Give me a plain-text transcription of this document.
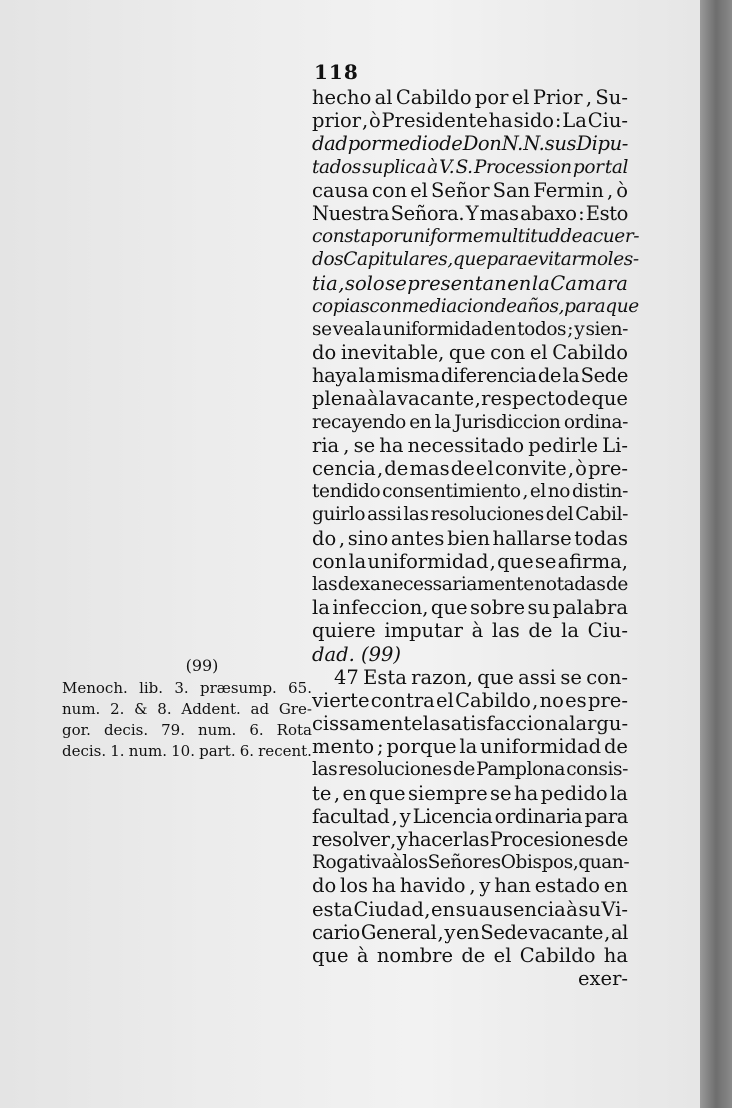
118
hecho al Cabildo por el Prior , Su-
prior , ò Presidente ha sido : La Ciu-
dad por medio de Don N. N. sus Dipu-
tados suplica à V. S. Procession por tal
causa con el Señor San Fermin , ò
Nuestra Señora. Y mas abaxo : Esto
consta por uniforme multitud de acuer-
dos Capitulares , que para evitar moles-
tia , solo se presentan en la Camara
copias con mediacion de años , para que
se vea la uniformidad en todos ; y sien-
do inevitable, que con el Cabildo
haya la misma diferencia de la Sede
plena à la vacante , respecto de que
recayendo en la Jurisdiccion ordina-
ria , se ha necessitado pedirle Li-
cencia , de mas de el convite , ò pre-
tendido consentimiento , el no distin-
guirlo assi las resoluciones del Cabil-
do , sino antes bien hallarse todas
con la uniformidad , que se afirma,
las dexa necessariamente notadas de
la infeccion, que sobre su palabra
quiere imputar à las de la Ciu-
dad. (99)
47 Esta razon, que assi se con-
vierte contra el Cabildo , no es pre-
cissamente la satisfaccion al argu-
mento ; porque la uniformidad de
las resoluciones de Pamplona consis-
te , en que siempre se ha pedido la
facultad , y Licencia ordinaria para
resolver , y hacer las Procesiones de
Rogativa à los Señores Obispos, quan-
do los ha havido , y han estado en
esta Ciudad , en su ausencia à su Vi-
cario General , y en Sede vacante , al
que à nombre de el Cabildo ha
exer-
(99)
Menoch. lib. 3. præsump. 65.
num. 2. & 8. Addent. ad Gre-
gor. decis. 79. num. 6. Rota
decis. 1. num. 10. part. 6. recent.
